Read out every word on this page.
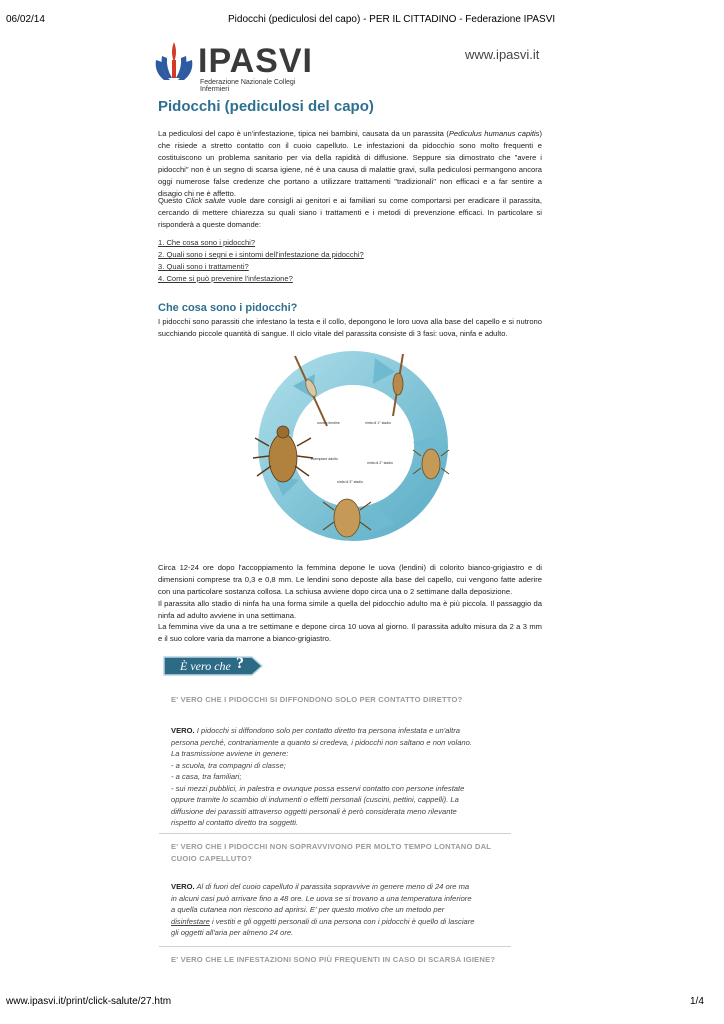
06/02/14	Pidocchi (pediculosi del capo) - PER IL CITTADINO - Federazione IPASVI
IPASVI
Federazione Nazionale Collegi Infermieri
www.ipasvi.it
Pidocchi (pediculosi del capo)
La pediculosi del capo è un'infestazione, tipica nei bambini, causata da un parassita (Pediculus humanus capitis) che risiede a stretto contatto con il cuoio capelluto. Le infestazioni da pidocchio sono molto frequenti e costituiscono un problema sanitario per via della rapidità di diffusione. Seppure sia dimostrato che "avere i pidocchi" non è un segno di scarsa igiene, né è una causa di malattie gravi, sulla pediculosi permangono ancora oggi numerose false credenze che portano a utilizzare trattamenti "tradizionali" non efficaci e a far sentire a disagio chi ne è affetto.
Questo Click salute vuole dare consigli ai genitori e ai familiari su come comportarsi per eradicare il parassita, cercando di mettere chiarezza su quali siano i trattamenti e i metodi di prevenzione efficaci. In particolare si risponderà a queste domande:
1. Che cosa sono i pidocchi?
2. Quali sono i segni e i sintomi dell'infestazione da pidocchi?
3. Quali sono i trattamenti?
4. Come si può prevenire l'infestazione?
Che cosa sono i pidocchi?
I pidocchi sono parassiti che infestano la testa e il collo, depongono le loro uova alla base del capello e si nutrono succhiando piccole quantità di sangue. Il ciclo vitale del parassita consiste di 3 fasi: uova, ninfa e adulto.
uova o lendine	ninfa di 1° stadio
esemplare adulto
ninfa di 2° stadio
ninfa di 3° stadio
Circa 12-24 ore dopo l'accoppiamento la femmina depone le uova (lendini) di colorito bianco-grigiastro e di dimensioni comprese tra 0,3 e 0,8 mm. Le lendini sono deposte alla base del capello, cui vengono fatte aderire con una particolare sostanza collosa. La schiusa avviene dopo circa una o 2 settimane dalla deposizione.
Il parassita allo stadio di ninfa ha una forma simile a quella del pidocchio adulto ma è più piccola. Il passaggio da ninfa ad adulto avviene in una settimana.
La femmina vive da una a tre settimane e depone circa 10 uova al giorno. Il parassita adulto misura da 2 a 3 mm e il suo colore varia da marrone a bianco-grigiastro.
È vero che ?
E' VERO CHE I PIDOCCHI SI DIFFONDONO SOLO PER CONTATTO DIRETTO?
VERO. I pidocchi si diffondono solo per contatto diretto tra persona infestata e un'altra
persona perché, contrariamente a quanto si credeva, i pidocchi non saltano e non volano.
La trasmissione avviene in genere:
- a scuola, tra compagni di classe;
- a casa, tra familiari;
- sui mezzi pubblici, in palestra e ovunque possa esservi contatto con persone infestate
oppure tramite lo scambio di indumenti o effetti personali (cuscini, pettini, cappelli). La
diffusione dei parassiti attraverso oggetti personali è però considerata meno rilevante
rispetto al contatto diretto tra soggetti.
E' VERO CHE I PIDOCCHI NON SOPRAVVIVONO PER MOLTO TEMPO LONTANO DAL
CUOIO CAPELLUTO?
VERO. Al di fuori del cuoio capelluto il parassita sopravvive in genere meno di 24 ore ma
in alcuni casi può arrivare fino a 48 ore. Le uova se si trovano a una temperatura inferiore
a quella cutanea non riescono ad aprirsi. E' per questo motivo che un metodo per
disinfestare i vestiti e gli oggetti personali di una persona con i pidocchi è quello di lasciare
gli oggetti all'aria per almeno 24 ore.
E' VERO CHE LE INFESTAZIONI SONO PIÙ FREQUENTI IN CASO DI SCARSA IGIENE?
www.ipasvi.it/print/click-salute/27.htm	1/4
